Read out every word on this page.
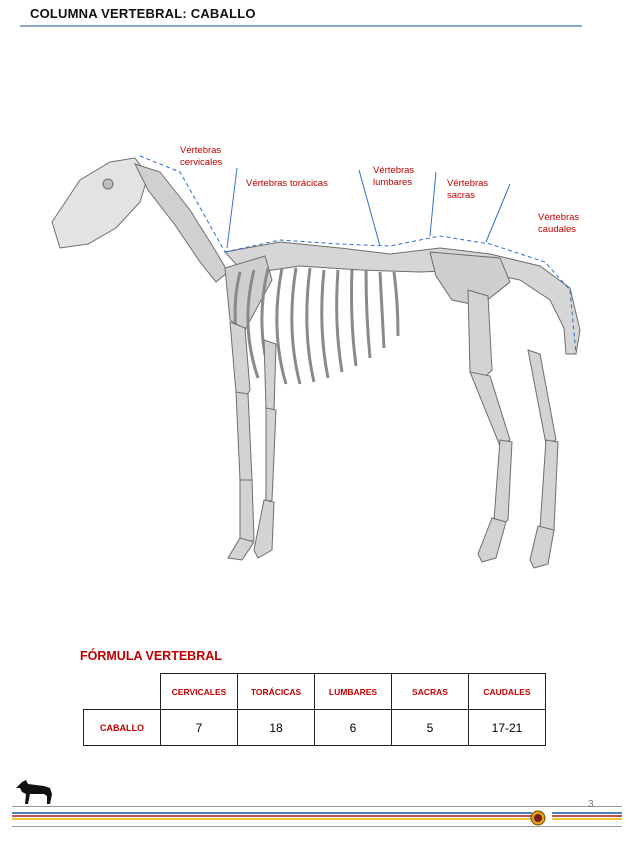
COLUMNA VERTEBRAL: CABALLO
Vértebras
cervicales
Vértebras torácicas
Vértebras
lumbares	Vértebras
sacras
Vértebras
caudales
FÓRMULA VERTEBRAL
	CERVICALES	TORÁCICAS	LUMBARES	SACRAS	CAUDALES
CABALLO	7	18	6	5	17-21
3
